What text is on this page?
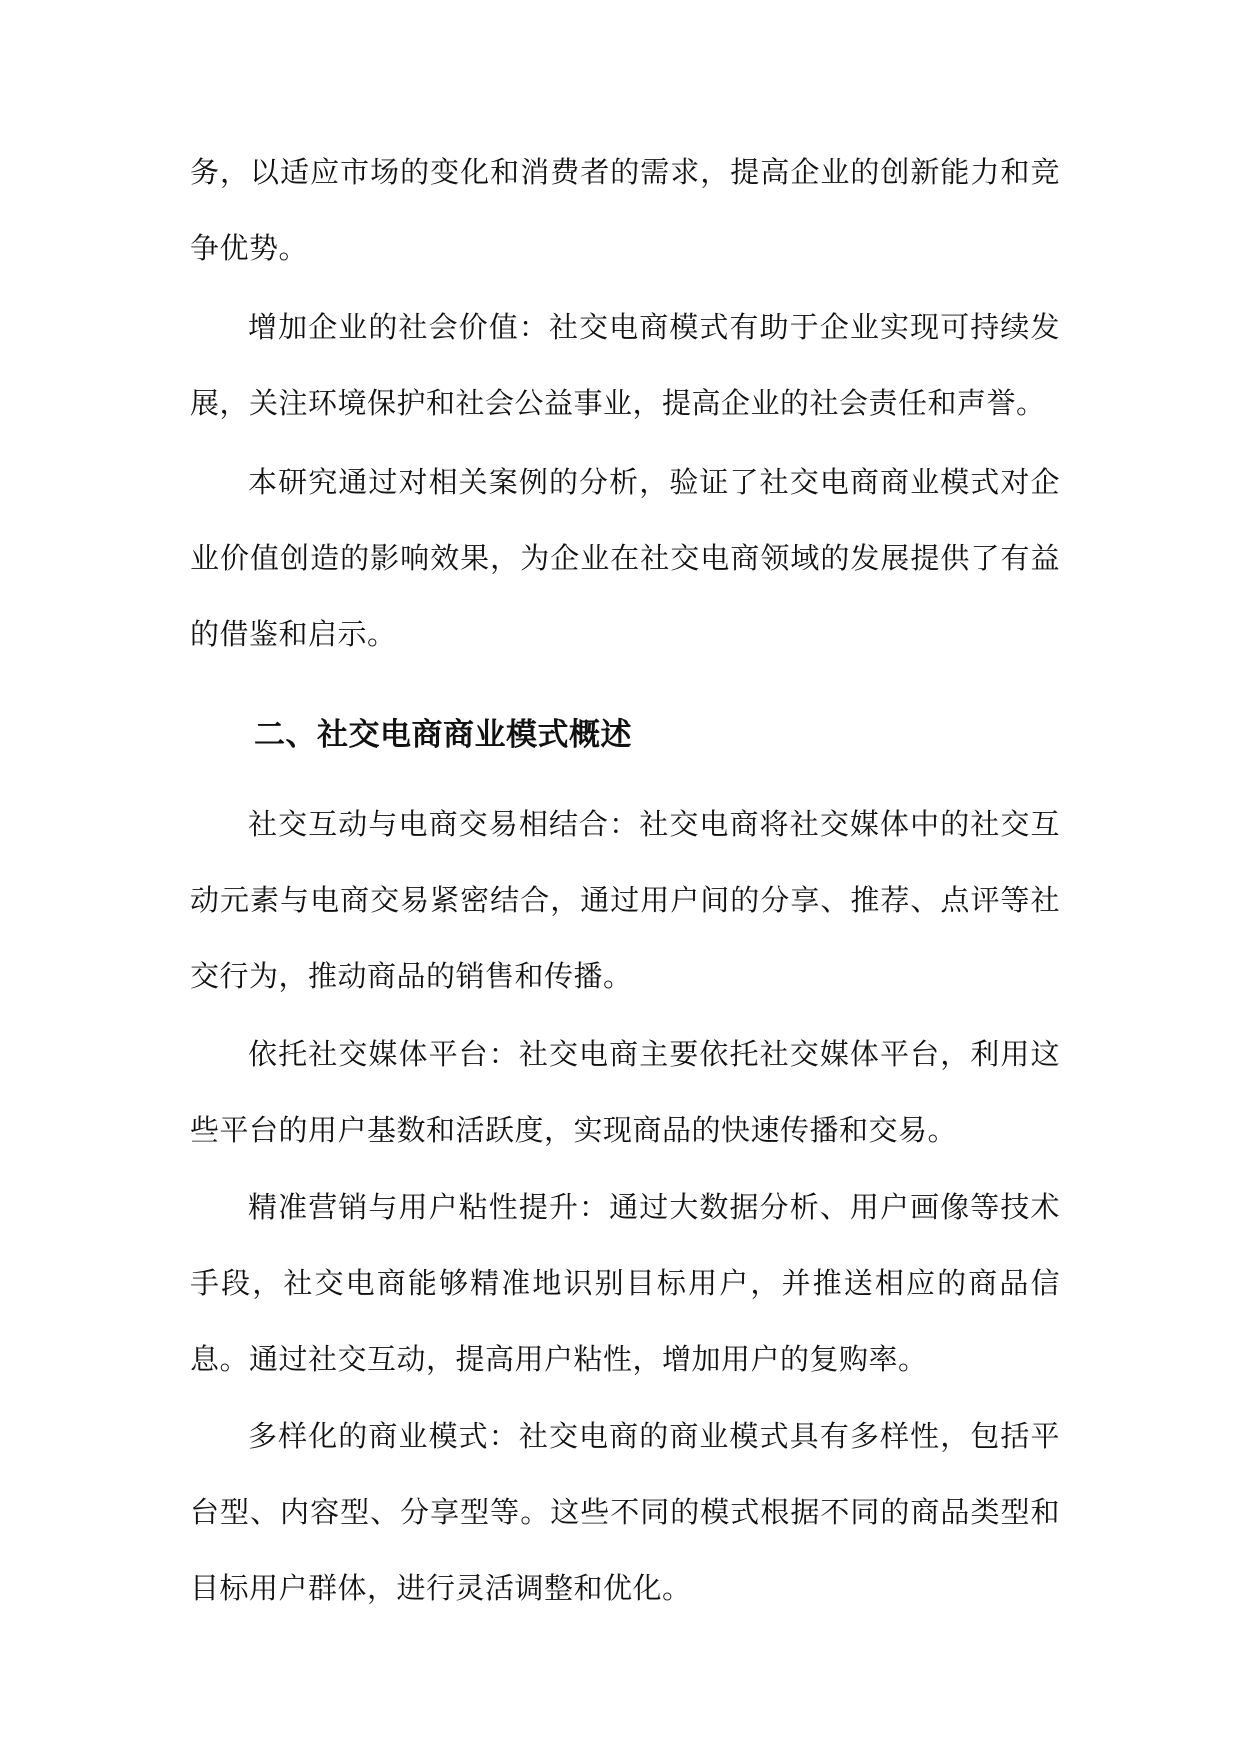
务，以适应市场的变化和消费者的需求，提高企业的创新能力和竞争优势。

增加企业的社会价值：社交电商模式有助于企业实现可持续发展，关注环境保护和社会公益事业，提高企业的社会责任和声誉。

本研究通过对相关案例的分析，验证了社交电商商业模式对企业价值创造的影响效果，为企业在社交电商领域的发展提供了有益的借鉴和启示。

二、社交电商商业模式概述

社交互动与电商交易相结合：社交电商将社交媒体中的社交互动元素与电商交易紧密结合，通过用户间的分享、推荐、点评等社交行为，推动商品的销售和传播。

依托社交媒体平台：社交电商主要依托社交媒体平台，利用这些平台的用户基数和活跃度，实现商品的快速传播和交易。

精准营销与用户粘性提升：通过大数据分析、用户画像等技术手段，社交电商能够精准地识别目标用户，并推送相应的商品信息。通过社交互动，提高用户粘性，增加用户的复购率。

多样化的商业模式：社交电商的商业模式具有多样性，包括平台型、内容型、分享型等。这些不同的模式根据不同的商品类型和目标用户群体，进行灵活调整和优化。
